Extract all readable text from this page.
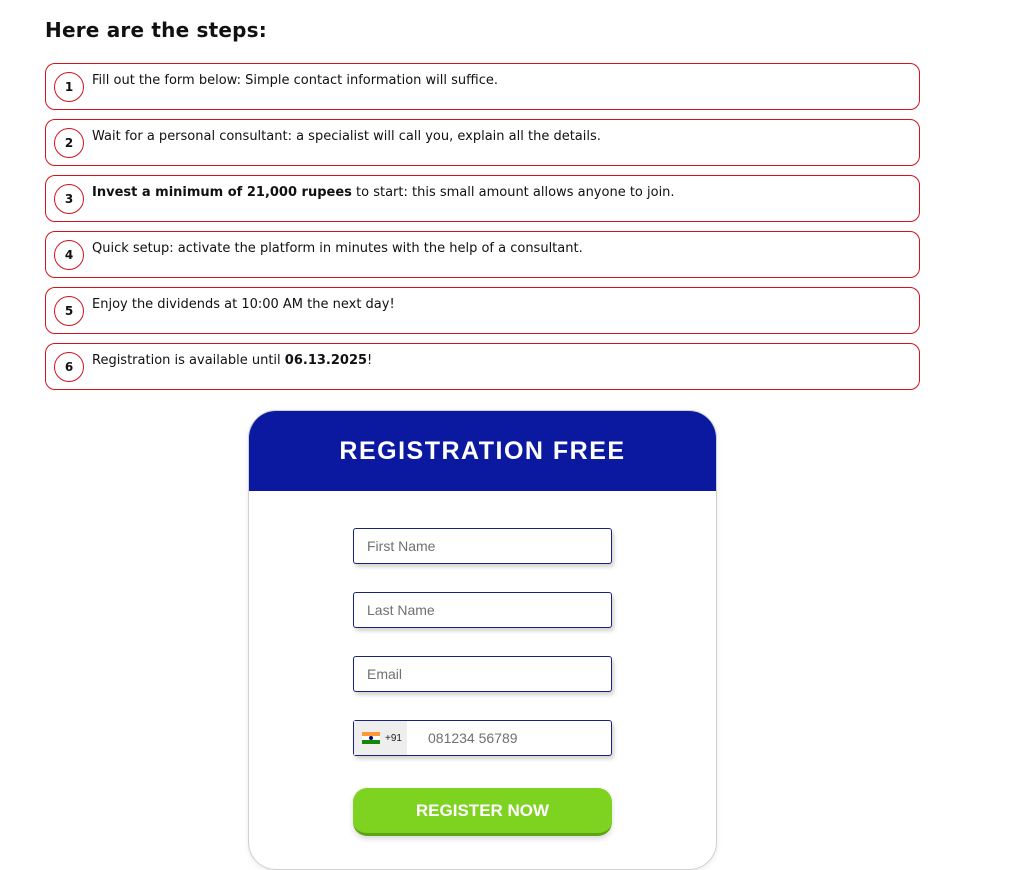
Here are the steps:
1	Fill out the form below: Simple contact information will suffice.
2	Wait for a personal consultant: a specialist will call you, explain all the details.
3	Invest a minimum of 21,000 rupees to start: this small amount allows anyone to join.
4	Quick setup: activate the platform in minutes with the help of a consultant.
5	Enjoy the dividends at 10:00 AM the next day!
6	Registration is available until 06.13.2025!
REGISTRATION FREE
First Name
Last Name
Email
+91
081234 56789
REGISTER NOW
